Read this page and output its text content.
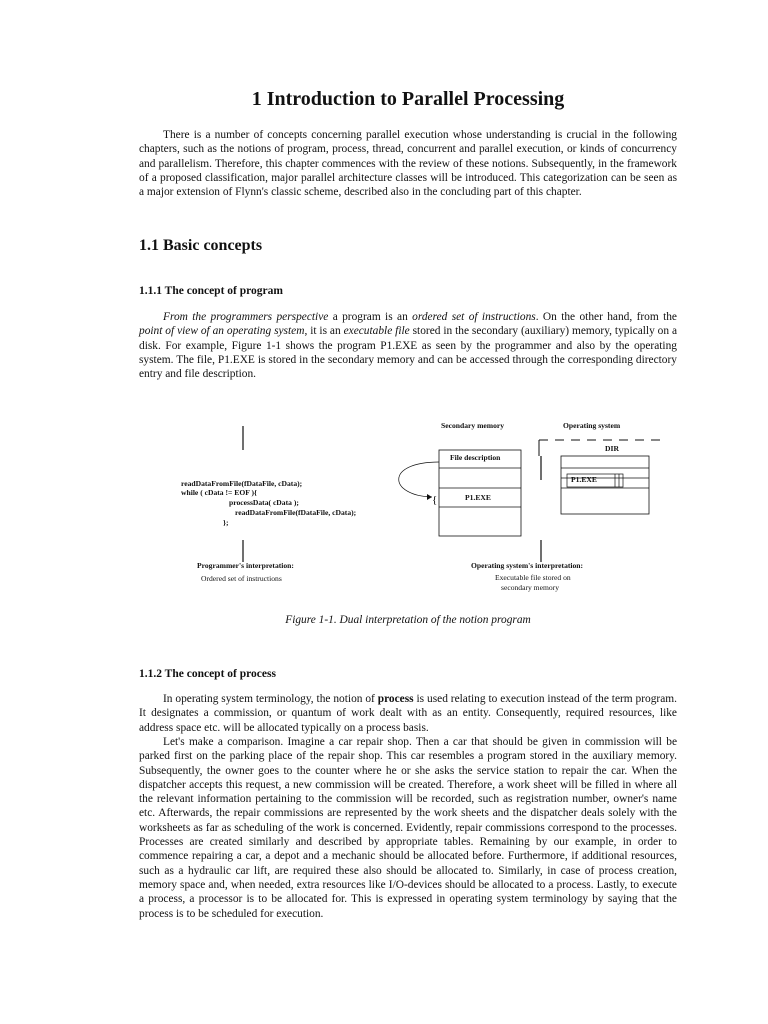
1 Introduction to Parallel Processing

There is a number of concepts concerning parallel execution whose understanding is crucial in the following chapters, such as the notions of program, process, thread, concurrent and parallel execution, or kinds of concurrency and parallelism. Therefore, this chapter commences with the review of these notions. Subsequently, in the framework of a proposed classification, major parallel architecture classes will be introduced. This categorization can be seen as a major extension of Flynn's classic scheme, described also in the concluding part of this chapter.

1.1 Basic concepts
1.1.1 The concept of program

From the programmers perspective a program is an ordered set of instructions. On the other hand, from the point of view of an operating system, it is an executable file stored in the secondary (auxiliary) memory, typically on a disk. For example, Figure 1-1 shows the program P1.EXE as seen by the programmer and also by the operating system. The file, P1.EXE is stored in the secondary memory and can be accessed through the corresponding directory entry and file description.

{
readDataFromFile(fDataFile, cData);
while ( cData != EOF ){
processData( cData );
readDataFromFile(fDataFile, cData);
};
Programmer's interpretation:
Ordered set of instructions
Secondary memory	Operating system
File description
P1.EXE
DIR
P1.EXE
Operating system's interpretation:
Executable file stored on
secondary memory
Figure 1-1. Dual interpretation of the notion program
1.1.2 The concept of process

In operating system terminology, the notion of process is used relating to execution instead of the term program. It designates a commission, or quantum of work dealt with as an entity. Consequently, required resources, like address space etc. will be allocated typically on a process basis.

Let's make a comparison. Imagine a car repair shop. Then a car that should be given in commission will be parked first on the parking place of the repair shop. This car resembles a program stored in the auxiliary memory. Subsequently, the owner goes to the counter where he or she asks the service station to repair the car. When the dispatcher accepts this request, a new commission will be created. Therefore, a work sheet will be filled in where all the relevant information pertaining to the commission will be recorded, such as registration number, owner's name etc. Afterwards, the repair commissions are represented by the work sheets and the dispatcher deals solely with the worksheets as far as scheduling of the work is concerned. Evidently, repair commissions correspond to the processes. Processes are created similarly and described by appropriate tables. Remaining by our example, in order to commence repairing a car, a depot and a mechanic should be allocated before. Furthermore, if additional resources, such as a hydraulic car lift, are required these also should be allocated to. Similarly, in case of process creation, memory space and, when needed, extra resources like I/O-devices should be allocated to a process. Lastly, to execute a process, a processor is to be allocated for. This is expressed in operating system terminology by saying that the process is to be scheduled for execution.
